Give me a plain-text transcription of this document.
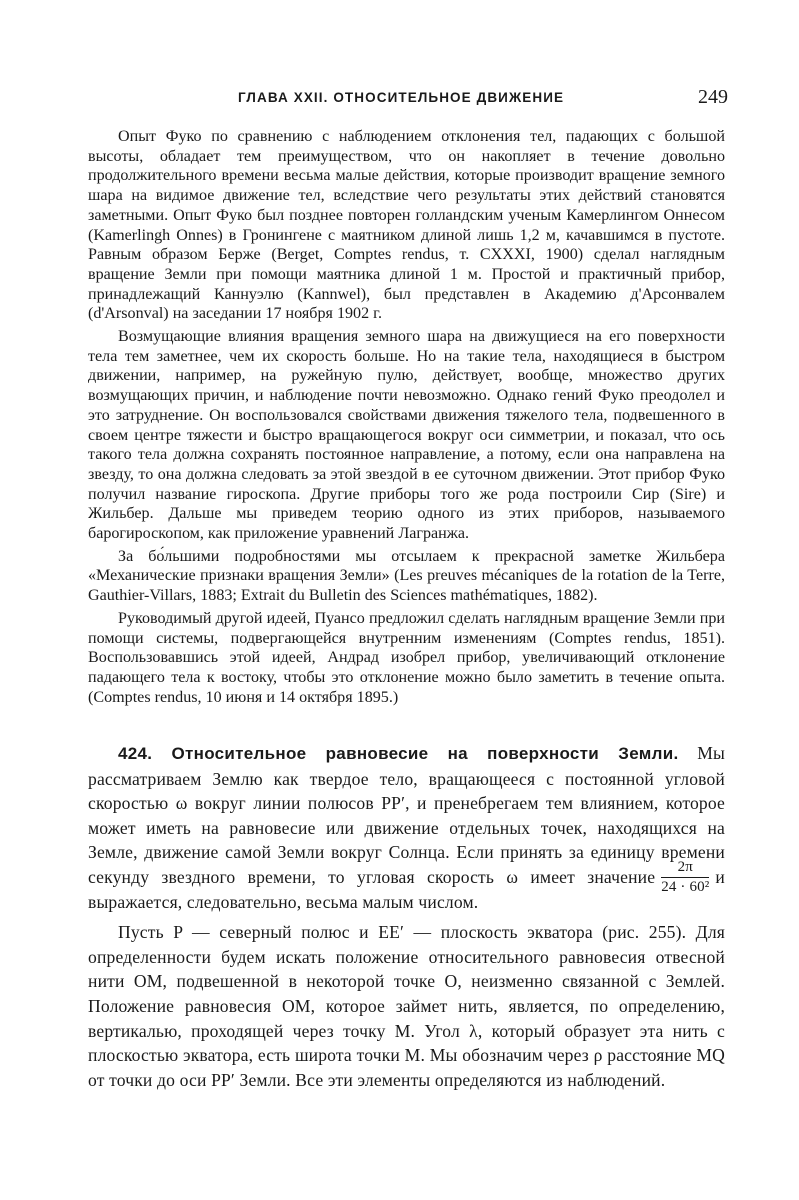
ГЛАВА XXII. ОТНОСИТЕЛЬНОЕ ДВИЖЕНИЕ	249

Опыт Фуко по сравнению с наблюдением отклонения тел, падающих с большой высоты, обладает тем преимуществом, что он накопляет в течение довольно продолжительного времени весьма малые действия, которые производит вращение земного шара на видимое движение тел, вследствие чего результаты этих действий становятся заметными. Опыт Фуко был позднее повторен голландским ученым Камерлингом Оннесом (Kamerlingh Onnes) в Гронингене с маятником длиной лишь 1,2 м, качавшимся в пустоте. Равным образом Берже (Berget, Comptes rendus, т. CXXXI, 1900) сделал наглядным вращение Земли при помощи маятника длиной 1 м. Простой и практичный прибор, принадлежащий Каннуэлю (Kannwel), был представлен в Академию д'Арсонвалем (d'Arsonval) на заседании 17 ноября 1902 г.

Возмущающие влияния вращения земного шара на движущиеся на его поверхности тела тем заметнее, чем их скорость больше. Но на такие тела, находящиеся в быстром движении, например, на ружейную пулю, действует, вообще, множество других возмущающих причин, и наблюдение почти невозможно. Однако гений Фуко преодолел и это затруднение. Он воспользовался свойствами движения тяжелого тела, подвешенного в своем центре тяжести и быстро вращающегося вокруг оси симметрии, и показал, что ось такого тела должна сохранять постоянное направление, а потому, если она направлена на звезду, то она должна следовать за этой звездой в ее суточном движении. Этот прибор Фуко получил название гироскопа. Другие приборы того же рода построили Сир (Sire) и Жильбер. Дальше мы приведем теорию одного из этих приборов, называемого барогироскопом, как приложение уравнений Лагранжа.

За бо́льшими подробностями мы отсылаем к прекрасной заметке Жильбера «Механические признаки вращения Земли» (Les preuves mécaniques de la rotation de la Terre, Gauthier-Villars, 1883; Extrait du Bulletin des Sciences mathématiques, 1882).

Руководимый другой идеей, Пуансо предложил сделать наглядным вращение Земли при помощи системы, подвергающейся внутренним изменениям (Comptes rendus, 1851). Воспользовавшись этой идеей, Андрад изобрел прибор, увеличивающий отклонение падающего тела к востоку, чтобы это отклонение можно было заметить в течение опыта. (Comptes rendus, 10 июня и 14 октября 1895.)

424. Относительное равновесие на поверхности Земли. Мы рассматриваем Землю как твердое тело, вращающееся с постоянной угловой скоростью ω вокруг линии полюсов PP′, и пренебрегаем тем влиянием, которое может иметь на равновесие или движение отдельных точек, находящихся на Земле, движение самой Земли вокруг Солнца. Если принять за единицу времени секунду звездного времени, то угловая скорость ω имеет значение $\frac{2\pi}{\text{24 · 60²}}$ и выражается, следовательно, весьма малым числом.

Пусть P — северный полюс и EE′ — плоскость экватора (рис. 255). Для определенности будем искать положение относительного равновесия отвесной нити OM, подвешенной в некоторой точке O, неизменно связанной с Землей. Положение равновесия OM, которое займет нить, является, по определению, вертикалью, проходящей через точку M. Угол λ, который образует эта нить с плоскостью экватора, есть широта точки M. Мы обозначим через ρ расстояние MQ от точки до оси PP′ Земли. Все эти элементы определяются из наблюдений.
